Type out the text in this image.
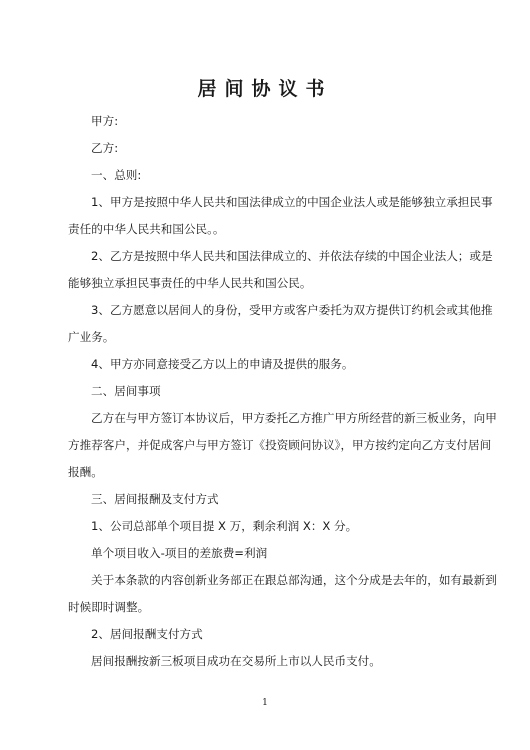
居间协议书
甲方:
乙方:
一、总则:
1、甲方是按照中华人民共和国法律成立的中国企业法人或是能够独立承担民事
责任的中华人民共和国公民。。
2、乙方是按照中华人民共和国法律成立的、并依法存续的中国企业法人；或是
能够独立承担民事责任的中华人民共和国公民。
3、乙方愿意以居间人的身份，受甲方或客户委托为双方提供订约机会或其他推
广业务。
4、甲方亦同意接受乙方以上的申请及提供的服务。
二、居间事项
乙方在与甲方签订本协议后，甲方委托乙方推广甲方所经营的新三板业务，向甲
方推荐客户，并促成客户与甲方签订《投资顾问协议》，甲方按约定向乙方支付居间
报酬。
三、居间报酬及支付方式
1、公司总部单个项目提 X 万，剩余利润 X：X 分。
单个项目收入-项目的差旅费=利润
关于本条款的内容创新业务部正在跟总部沟通，这个分成是去年的，如有最新到
时候即时调整。
2、居间报酬支付方式
居间报酬按新三板项目成功在交易所上市以人民币支付。
1
